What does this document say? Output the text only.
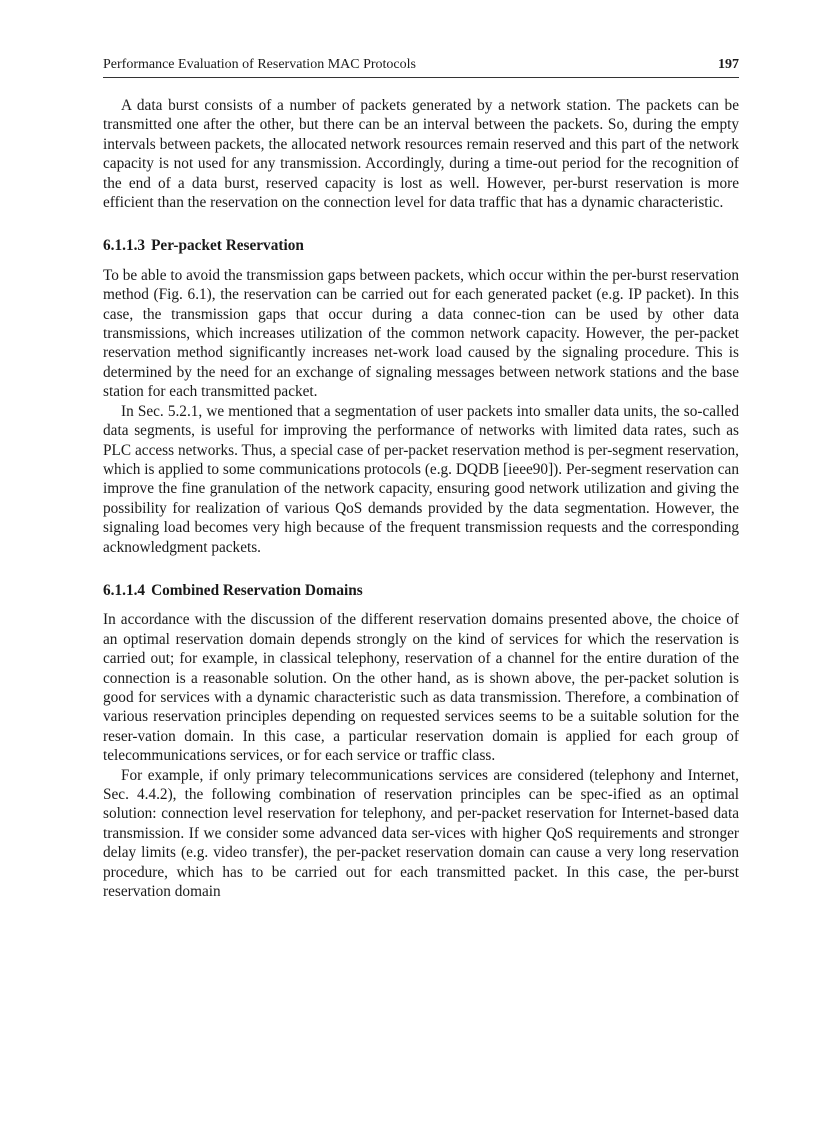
Performance Evaluation of Reservation MAC Protocols	197

A data burst consists of a number of packets generated by a network station. The packets can be transmitted one after the other, but there can be an interval between the packets. So, during the empty intervals between packets, the allocated network resources remain reserved and this part of the network capacity is not used for any transmission. Accordingly, during a time-out period for the recognition of the end of a data burst, reserved capacity is lost as well. However, per-burst reservation is more efficient than the reservation on the connection level for data traffic that has a dynamic characteristic.

6.1.1.3 Per-packet Reservation

To be able to avoid the transmission gaps between packets, which occur within the per-burst reservation method (Fig. 6.1), the reservation can be carried out for each generated packet (e.g. IP packet). In this case, the transmission gaps that occur during a data connec-tion can be used by other data transmissions, which increases utilization of the common network capacity. However, the per-packet reservation method significantly increases net-work load caused by the signaling procedure. This is determined by the need for an exchange of signaling messages between network stations and the base station for each transmitted packet.

In Sec. 5.2.1, we mentioned that a segmentation of user packets into smaller data units, the so-called data segments, is useful for improving the performance of networks with limited data rates, such as PLC access networks. Thus, a special case of per-packet reservation method is per-segment reservation, which is applied to some communications protocols (e.g. DQDB [ieee90]). Per-segment reservation can improve the fine granulation of the network capacity, ensuring good network utilization and giving the possibility for realization of various QoS demands provided by the data segmentation. However, the signaling load becomes very high because of the frequent transmission requests and the corresponding acknowledgment packets.

6.1.1.4 Combined Reservation Domains

In accordance with the discussion of the different reservation domains presented above, the choice of an optimal reservation domain depends strongly on the kind of services for which the reservation is carried out; for example, in classical telephony, reservation of a channel for the entire duration of the connection is a reasonable solution. On the other hand, as is shown above, the per-packet solution is good for services with a dynamic characteristic such as data transmission. Therefore, a combination of various reservation principles depending on requested services seems to be a suitable solution for the reser-vation domain. In this case, a particular reservation domain is applied for each group of telecommunications services, or for each service or traffic class.

For example, if only primary telecommunications services are considered (telephony and Internet, Sec. 4.4.2), the following combination of reservation principles can be spec-ified as an optimal solution: connection level reservation for telephony, and per-packet reservation for Internet-based data transmission. If we consider some advanced data ser-vices with higher QoS requirements and stronger delay limits (e.g. video transfer), the per-packet reservation domain can cause a very long reservation procedure, which has to be carried out for each transmitted packet. In this case, the per-burst reservation domain
